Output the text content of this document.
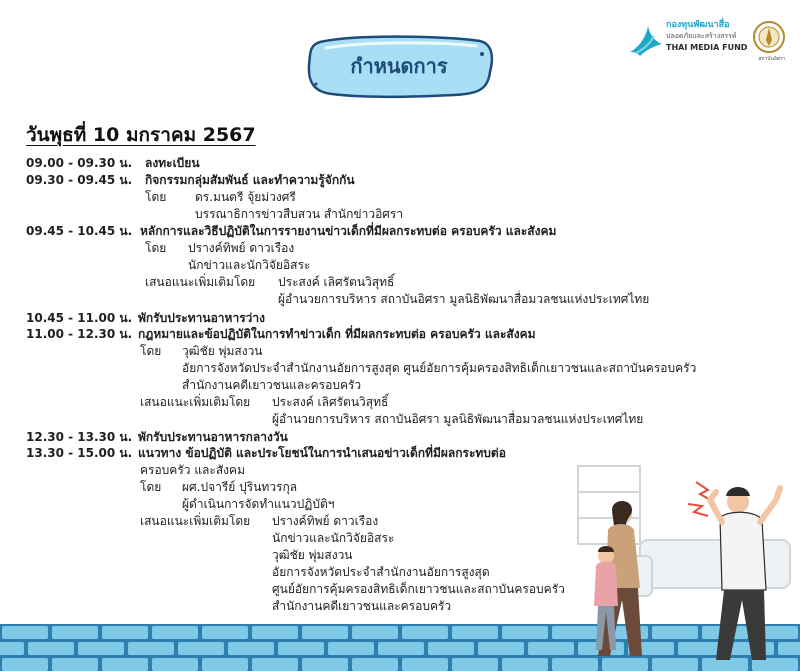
กำหนดการ
กองทุนพัฒนาสื่อ
ปลอดภัยและสร้างสรรค์
THAI MEDIA FUND
สถาบันอิศรา
วันพุธที่ 10 มกราคม 2567
09.00 - 09.30 น. ลงทะเบียน
09.30 - 09.45 น. กิจกรรมกลุ่มสัมพันธ์ และทำความรู้จักกัน
โดย ดร.มนตรี จุ้ยม่วงศรี
บรรณาธิการข่าวสืบสวน สำนักข่าวอิศรา
09.45 - 10.45 น. หลักการและวิธีปฏิบัติในการรายงานข่าวเด็กที่มีผลกระทบต่อ ครอบครัว และสังคม
โดย ปรางค์ทิพย์ ดาวเรือง
นักข่าวและนักวิจัยอิสระ
เสนอแนะเพิ่มเติมโดย ประสงค์ เลิศรัตนวิสุทธิ์
ผู้อำนวยการบริหาร สถาบันอิศรา มูลนิธิพัฒนาสื่อมวลชนแห่งประเทศไทย
10.45 - 11.00 น. พักรับประทานอาหารว่าง
11.00 - 12.30 น. กฎหมายและข้อปฏิบัติในการทำข่าวเด็ก ที่มีผลกระทบต่อ ครอบครัว และสังคม
โดย วุฒิชัย พุ่มสงวน
อัยการจังหวัดประจำสำนักงานอัยการสูงสุด ศูนย์อัยการคุ้มครองสิทธิเด็กเยาวชนและสถาบันครอบครัว
สำนักงานคดีเยาวชนและครอบครัว
เสนอแนะเพิ่มเติมโดย ประสงค์ เลิศรัตนวิสุทธิ์
ผู้อำนวยการบริหาร สถาบันอิศรา มูลนิธิพัฒนาสื่อมวลชนแห่งประเทศไทย
12.30 - 13.30 น. พักรับประทานอาหารกลางวัน
13.30 - 15.00 น. แนวทาง ข้อปฏิบัติ และประโยชน์ในการนำเสนอข่าวเด็กที่มีผลกระทบต่อ
ครอบครัว และสังคม
โดย ผศ.ปจารีย์ ปุรินทวรกุล
ผู้ดำเนินการจัดทำแนวปฏิบัติฯ
เสนอแนะเพิ่มเติมโดย ปรางค์ทิพย์ ดาวเรือง
นักข่าวและนักวิจัยอิสระ
วุฒิชัย พุ่มสงวน
อัยการจังหวัดประจำสำนักงานอัยการสูงสุด
ศูนย์อัยการคุ้มครองสิทธิเด็กเยาวชนและสถาบันครอบครัว
สำนักงานคดีเยาวชนและครอบครัว
